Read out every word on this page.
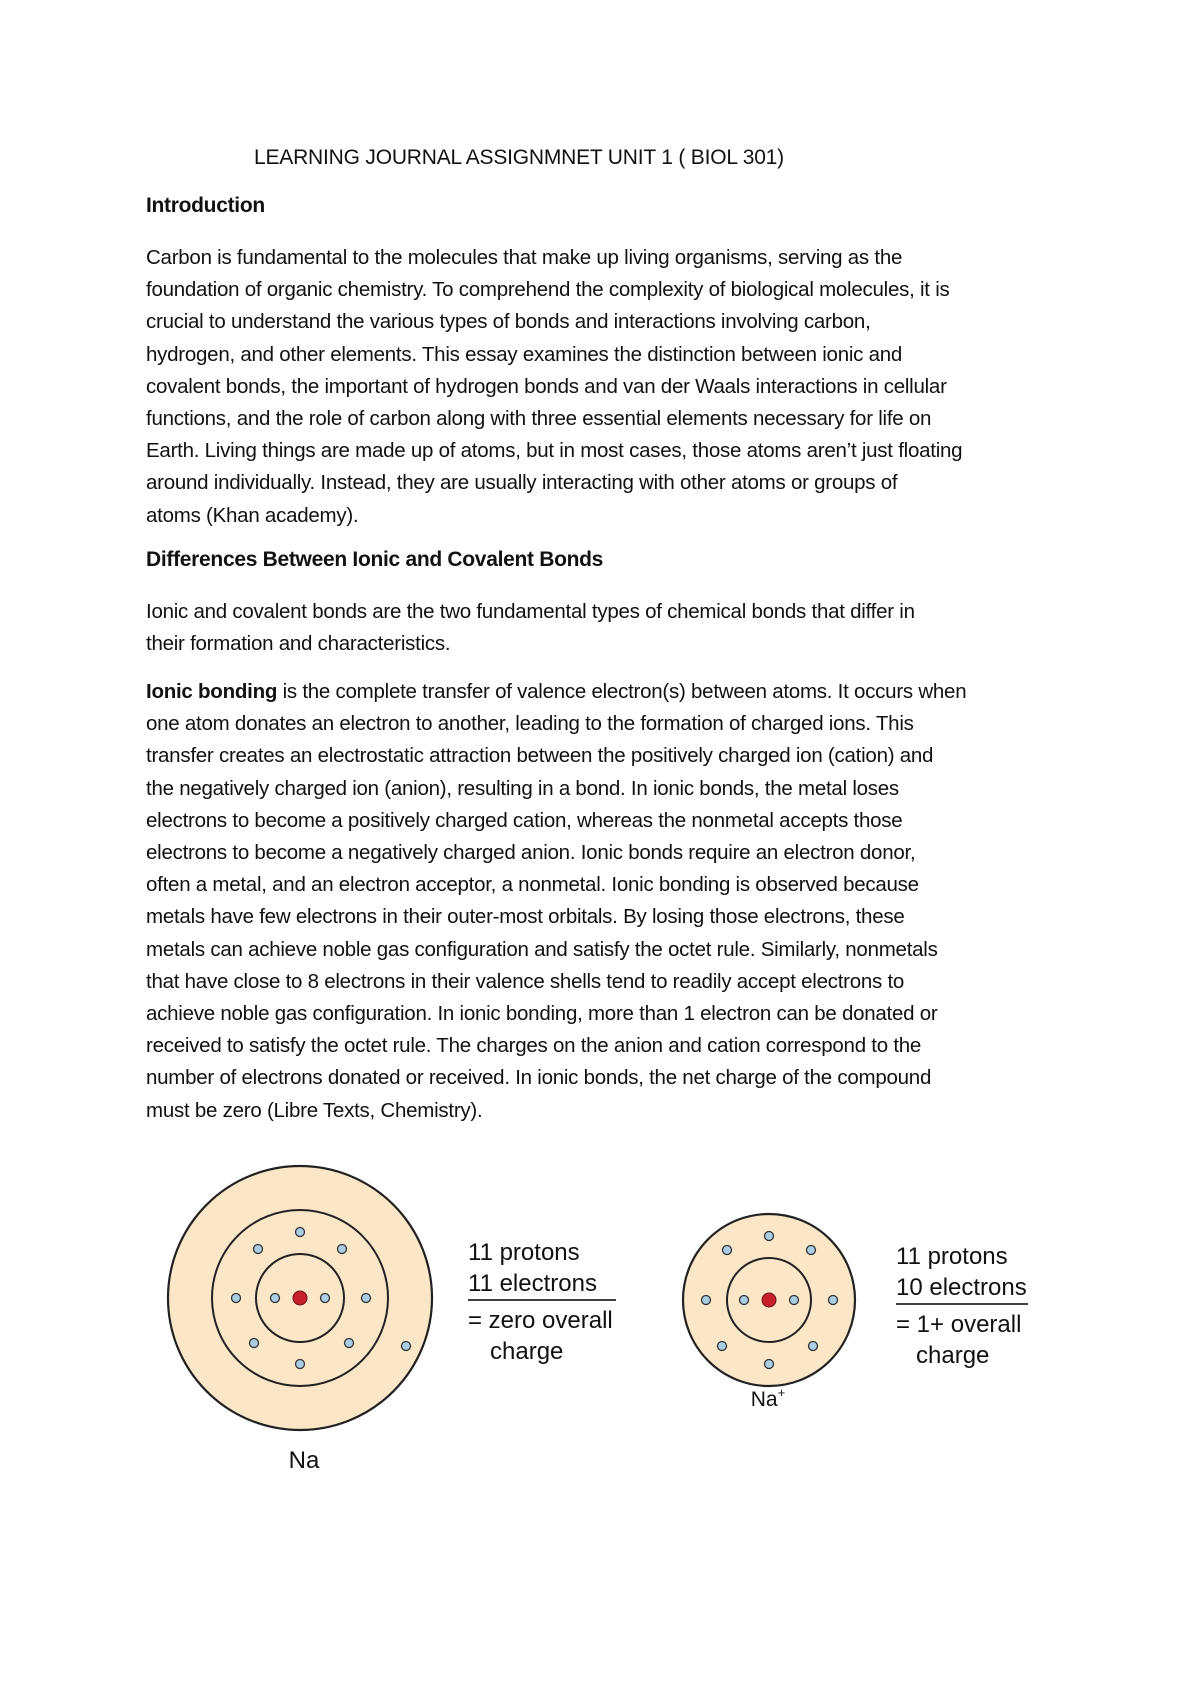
LEARNING JOURNAL ASSIGNMNET UNIT 1 ( BIOL 301)
Introduction

Carbon is fundamental to the molecules that make up living organisms, serving as the

foundation of organic chemistry. To comprehend the complexity of biological molecules, it is

crucial to understand the various types of bonds and interactions involving carbon,

hydrogen, and other elements. This essay examines the distinction between ionic and

covalent bonds, the important of hydrogen bonds and van der Waals interactions in cellular

functions, and the role of carbon along with three essential elements necessary for life on

Earth. Living things are made up of atoms, but in most cases, those atoms aren’t just floating

around individually. Instead, they are usually interacting with other atoms or groups of

atoms (Khan academy).

Differences Between Ionic and Covalent Bonds

Ionic and covalent bonds are the two fundamental types of chemical bonds that differ in

their formation and characteristics.

Ionic bonding is the complete transfer of valence electron(s) between atoms. It occurs when

one atom donates an electron to another, leading to the formation of charged ions. This

transfer creates an electrostatic attraction between the positively charged ion (cation) and

the negatively charged ion (anion), resulting in a bond. In ionic bonds, the metal loses

electrons to become a positively charged cation, whereas the nonmetal accepts those

electrons to become a negatively charged anion. Ionic bonds require an electron donor,

often a metal, and an electron acceptor, a nonmetal. Ionic bonding is observed because

metals have few electrons in their outer-most orbitals. By losing those electrons, these

metals can achieve noble gas configuration and satisfy the octet rule. Similarly, nonmetals

that have close to 8 electrons in their valence shells tend to readily accept electrons to

achieve noble gas configuration. In ionic bonding, more than 1 electron can be donated or

received to satisfy the octet rule. The charges on the anion and cation correspond to the

number of electrons donated or received. In ionic bonds, the net charge of the compound

must be zero (Libre Texts, Chemistry).

Na
11 protons
11 electrons
= zero overall
charge
Na+
11 protons
10 electrons
= 1+ overall
charge
